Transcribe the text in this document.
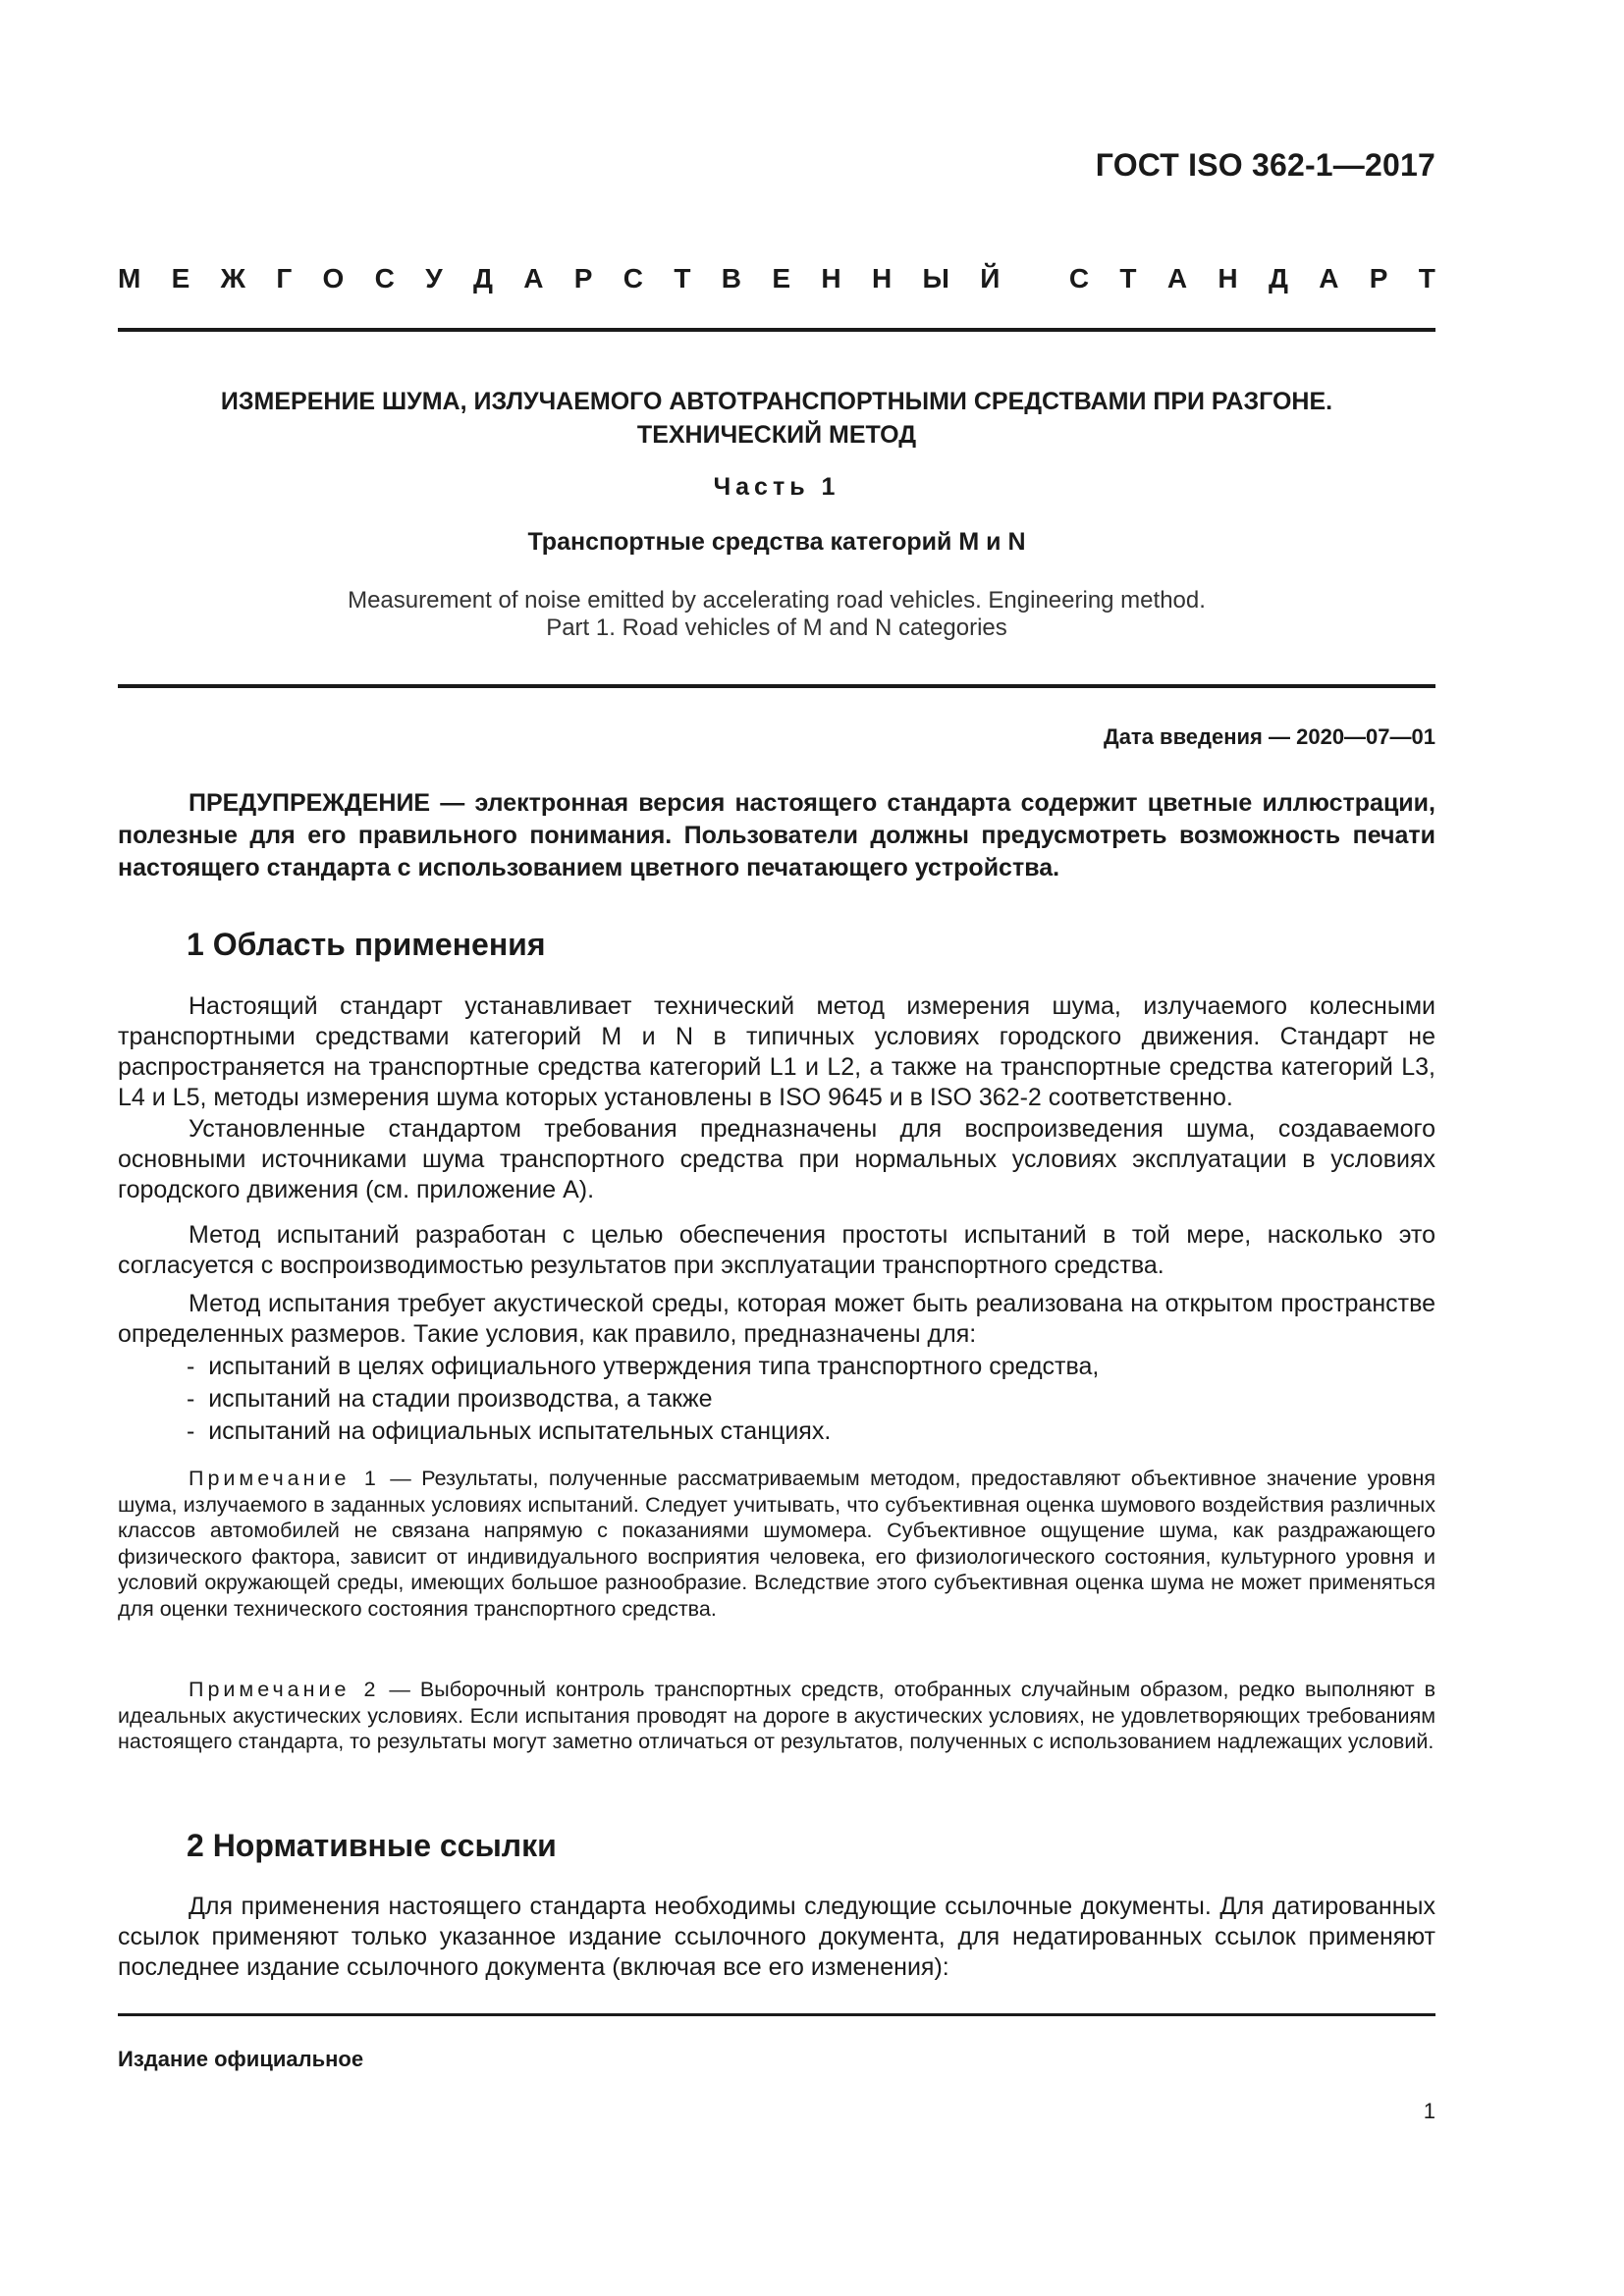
ГОСТ ISO 362-1—2017
М Е Ж Г О С У Д А Р С Т В Е Н Н Ы Й
	С Т А Н Д А Р Т
ИЗМЕРЕНИЕ ШУМА, ИЗЛУЧАЕМОГО АВТОТРАНСПОРТНЫМИ СРЕДСТВАМИ ПРИ РАЗГОНЕ.
ТЕХНИЧЕСКИЙ МЕТОД
Часть 1
Транспортные средства категорий M и N
Measurement of noise emitted by accelerating road vehicles. Engineering method.
Part 1. Road vehicles of M and N categories
Дата введения — 2020—07—01
ПРЕДУПРЕЖДЕНИЕ — электронная версия настоящего стандарта содержит цветные иллюстрации, полезные для его правильного понимания. Пользователи должны предусмотреть возможность печати настоящего стандарта с использованием цветного печатающего устройства.
1 Область применения

Настоящий стандарт устанавливает технический метод измерения шума, излучаемого колесными транспортными средствами категорий M и N в типичных условиях городского движения. Стандарт не распространяется на транспортные средства категорий L1 и L2, а также на транспортные средства категорий L3, L4 и L5, методы измерения шума которых установлены в ISO 9645 и в ISO 362-2 соответственно.

Установленные стандартом требования предназначены для воспроизведения шума, создаваемого основными источниками шума транспортного средства при нормальных условиях эксплуатации в условиях городского движения (см. приложение А).

Метод испытаний разработан с целью обеспечения простоты испытаний в той мере, насколько это согласуется с воспроизводимостью результатов при эксплуатации транспортного средства.

Метод испытания требует акустической среды, которая может быть реализована на открытом пространстве определенных размеров. Такие условия, как правило, предназначены для:

-  испытаний в целях официального утверждения типа транспортного средства,
-  испытаний на стадии производства, а также
-  испытаний на официальных испытательных станциях.

Примечание 1 — Результаты, полученные рассматриваемым методом, предоставляют объективное значение уровня шума, излучаемого в заданных условиях испытаний. Следует учитывать, что субъективная оценка шумового воздействия различных классов автомобилей не связана напрямую с показаниями шумомера. Субъективное ощущение шума, как раздражающего физического фактора, зависит от индивидуального восприятия человека, его физиологического состояния, культурного уровня и условий окружающей среды, имеющих большое разнообразие. Вследствие этого субъективная оценка шума не может применяться для оценки технического состояния транспортного средства.

Примечание 2 — Выборочный контроль транспортных средств, отобранных случайным образом, редко выполняют в идеальных акустических условиях. Если испытания проводят на дороге в акустических условиях, не удовлетворяющих требованиям настоящего стандарта, то результаты могут заметно отличаться от результатов, полученных с использованием надлежащих условий.

2 Нормативные ссылки

Для применения настоящего стандарта необходимы следующие ссылочные документы. Для датированных ссылок применяют только указанное издание ссылочного документа, для недатированных ссылок применяют последнее издание ссылочного документа (включая все его изменения):

Издание официальное
1
